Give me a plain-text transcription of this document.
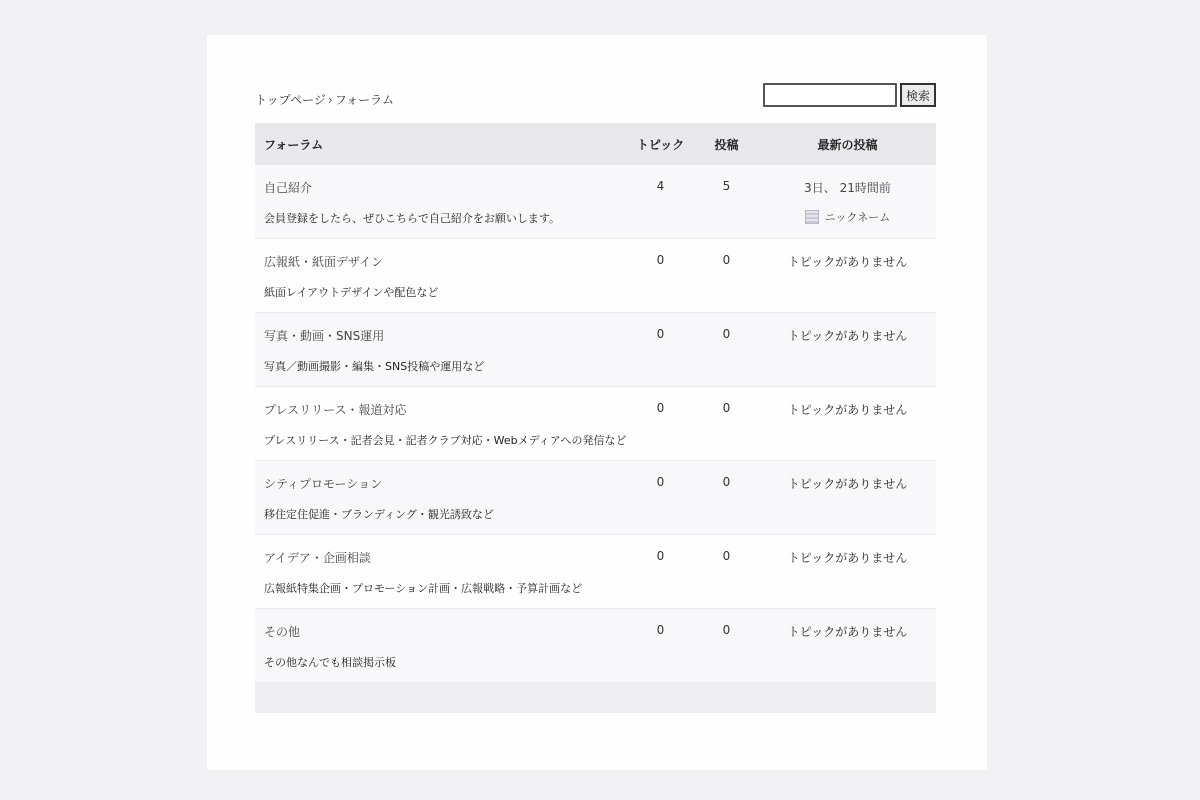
トップページ › フォーラム	検索
フォーラム	トピック	投稿	最新の投稿
自己紹介
会員登録をしたら、ぜひこちらで自己紹介をお願いします。
4	5	3日、 21時間前
ニックネーム
広報紙・紙面デザイン
紙面レイアウトデザインや配色など
0	0	トピックがありません
写真・動画・SNS運用
写真／動画撮影・編集・SNS投稿や運用など
0	0	トピックがありません
プレスリリース・報道対応
プレスリリース・記者会見・記者クラブ対応・Webメディアへの発信など
0	0	トピックがありません
シティプロモーション
移住定住促進・ブランディング・観光誘致など
0	0	トピックがありません
アイデア・企画相談
広報紙特集企画・プロモーション計画・広報戦略・予算計画など
0	0	トピックがありません
その他
その他なんでも相談掲示板
0	0	トピックがありません
